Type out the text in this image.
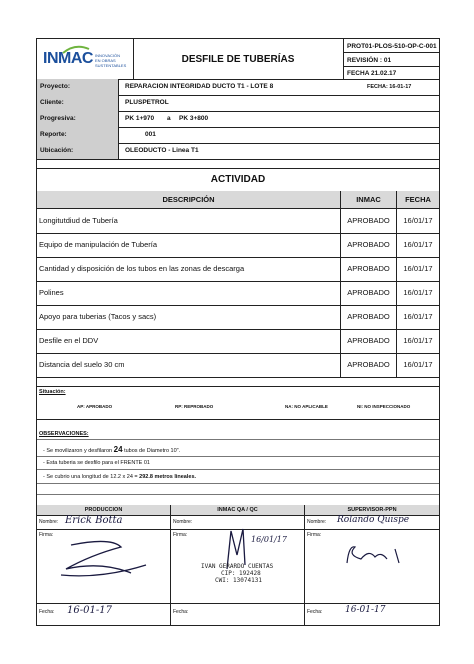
INMAC INNOVACIÓN
EN OBRAS SUSTENTABLES
DESFILE DE TUBERÍAS
PROT01-PLOS-510-OP-C-001
REVISIÓN : 01
FECHA 21.02.17
Proyecto:	REPARACION INTEGRIDAD DUCTO T1 - LOTE 8	FECHA: 16-01-17
Cliente:	PLUSPETROL
Progresiva:	PK 1+970 a PK 3+800
Reporte:	001
Ubicación:	OLEODUCTO - Linea T1
ACTIVIDAD
DESCRIPCIÓN	INMAC	FECHA
Longitutdiud de Tubería	APROBADO	16/01/17
Equipo de manipulación de Tubería	APROBADO	16/01/17
Cantidad y disposición de los tubos en las zonas de descarga	APROBADO	16/01/17
Polines	APROBADO	16/01/17
Apoyo para tuberias (Tacos y sacs)	APROBADO	16/01/17
Desfile en el DDV	APROBADO	16/01/17
Distancia del suelo 30 cm	APROBADO	16/01/17
Situación:
AP: APROBADO	RP: REPROBADO	NA: NO APLICABLE	NI: NO INSPECCIONADO
OBSERVACIONES:
- Se movilizaron y desfilaron 24 tubos de Diametro 10".
- Esta tuberia se desfilo para el FRENTE 01
- Se cubrio una longitud de 12.2 x 24 = 292.8 metros lineales.
PRODUCCION
Nombre: Erick Botta
Firma:
Fecha: 16-01-17
INMAC QA / QC
Nombre:
Firma:	16/01/17
IVAN GERARDO CUENTAS
CIP: 192428
CWI: 13074131
Fecha:
SUPERVISOR-PPN
Nombre: Rolando Quispe
Firma:
Fecha:	16-01-17
